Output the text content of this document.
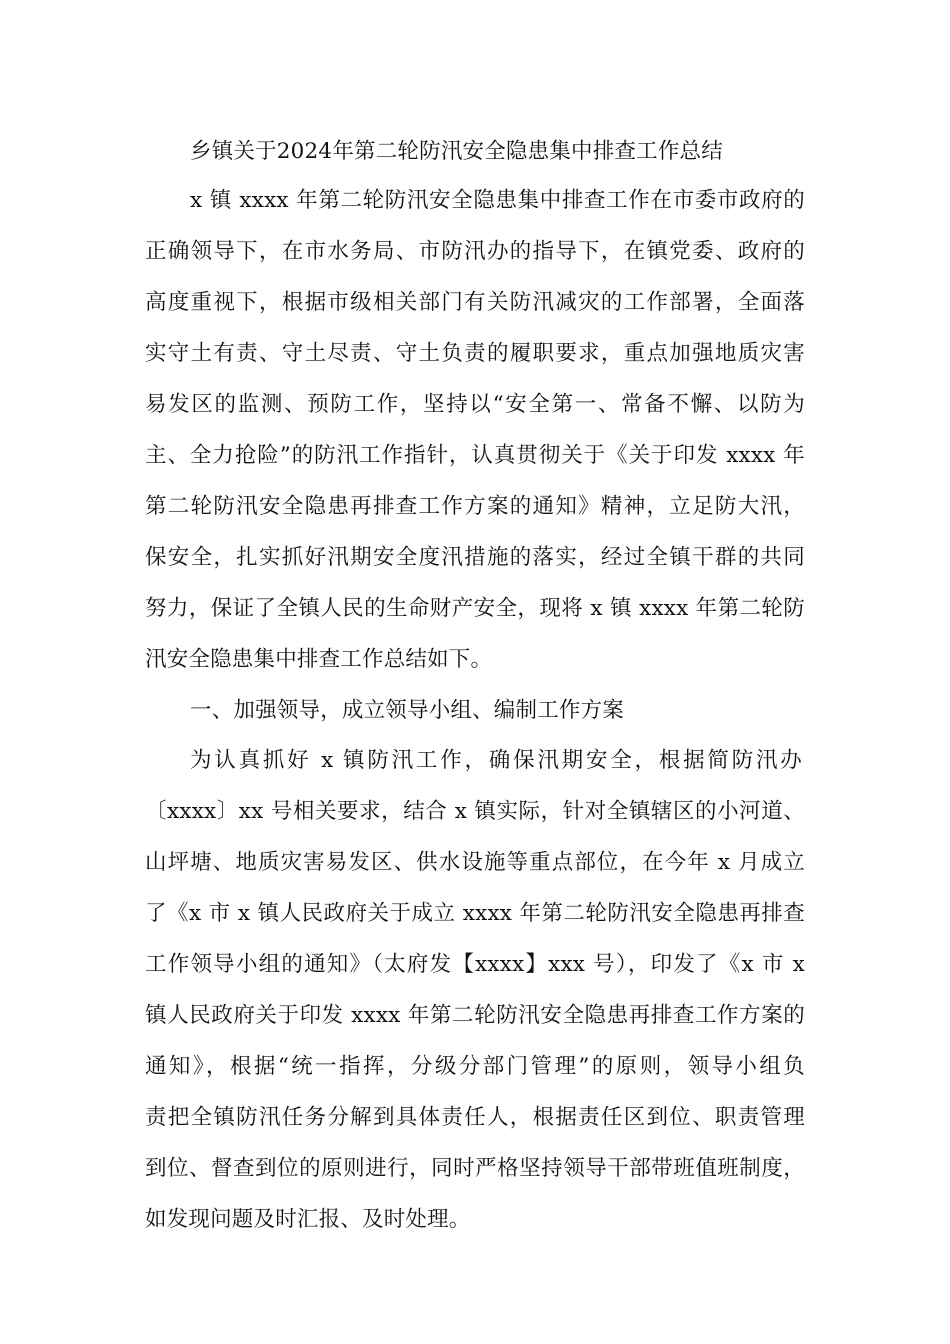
乡镇关于2024年第二轮防汛安全隐患集中排查工作总结
x 镇 xxxx 年第二轮防汛安全隐患集中排查工作在市委市政府的
正确领导下，在市水务局、市防汛办的指导下，在镇党委、政府的
高度重视下，根据市级相关部门有关防汛减灾的工作部署，全面落
实守土有责、守土尽责、守土负责的履职要求，重点加强地质灾害
易发区的监测、预防工作，坚持以“安全第一、常备不懈、以防为
主、全力抢险”的防汛工作指针，认真贯彻关于《关于印发 xxxx 年
第二轮防汛安全隐患再排查工作方案的通知》精神，立足防大汛，
保安全，扎实抓好汛期安全度汛措施的落实，经过全镇干群的共同
努力，保证了全镇人民的生命财产安全，现将 x 镇 xxxx 年第二轮防
汛安全隐患集中排查工作总结如下。
一、加强领导，成立领导小组、编制工作方案
为认真抓好 x 镇防汛工作，确保汛期安全，根据简防汛办
〔xxxx〕xx 号相关要求，结合 x 镇实际，针对全镇辖区的小河道、
山坪塘、地质灾害易发区、供水设施等重点部位，在今年 x 月成立
了《x 市 x 镇人民政府关于成立 xxxx 年第二轮防汛安全隐患再排查
工作领导小组的通知》（太府发【xxxx】xxx 号），印发了《x 市 x
镇人民政府关于印发 xxxx 年第二轮防汛安全隐患再排查工作方案的
通知》，根据“统一指挥，分级分部门管理”的原则，领导小组负
责把全镇防汛任务分解到具体责任人，根据责任区到位、职责管理
到位、督查到位的原则进行，同时严格坚持领导干部带班值班制度，
如发现问题及时汇报、及时处理。
